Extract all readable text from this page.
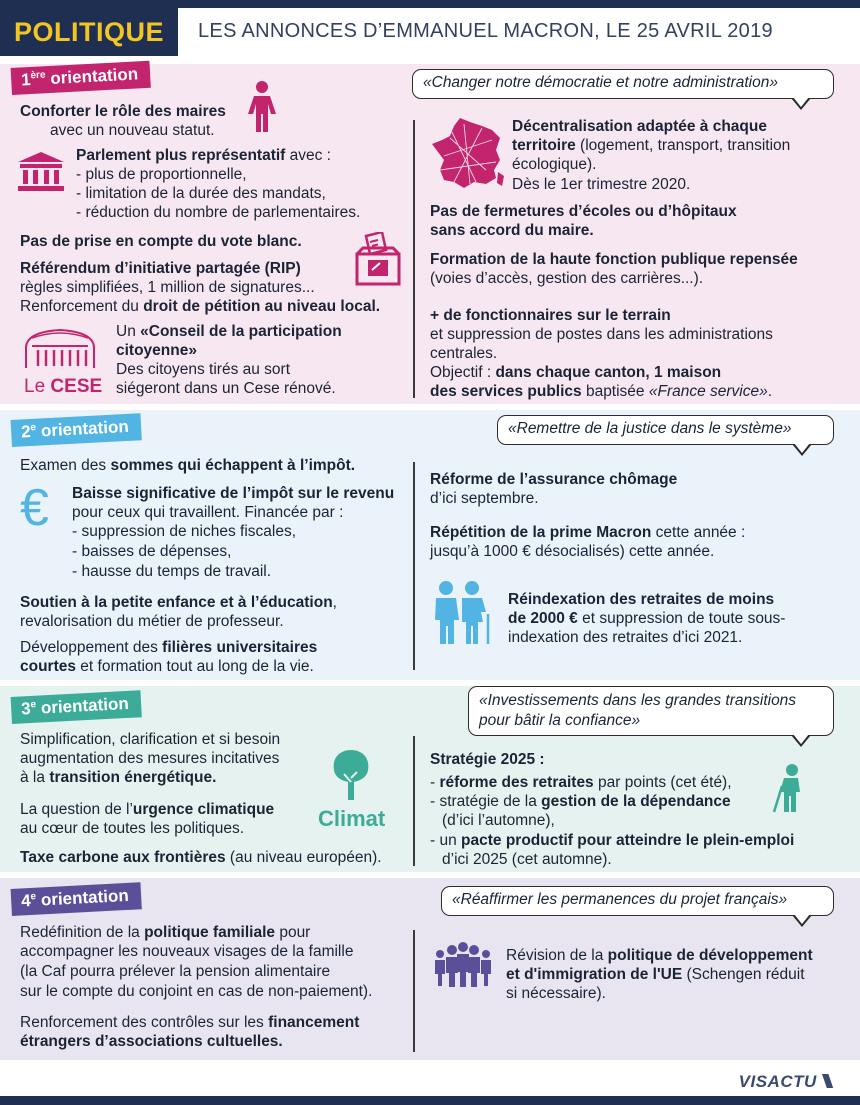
POLITIQUE	LES ANNONCES D’EMMANUEL MACRON, LE 25 AVRIL 2019
1ère orientation	«Changer notre démocratie et notre administration»
Conforter le rôle des maires
avec un nouveau statut.
Parlement plus représentatif avec :
- plus de proportionnelle,
- limitation de la durée des mandats,
- réduction du nombre de parlementaires.
Pas de prise en compte du vote blanc.
Référendum d’initiative partagée (RIP)
règles simplifiées, 1 million de signatures...
Renforcement du droit de pétition au niveau local.
Le CESE
Un «Conseil de la participation
citoyenne»
Des citoyens tirés au sort
siégeront dans un Cese rénové.
Décentralisation adaptée à chaque
territoire (logement, transport, transition
écologique).
Dès le 1er trimestre 2020.
Pas de fermetures d’écoles ou d’hôpitaux
sans accord du maire.
Formation de la haute fonction publique repensée
(voies d’accès, gestion des carrières...).
+ de fonctionnaires sur le terrain
et suppression de postes dans les administrations
centrales.
Objectif : dans chaque canton, 1 maison
des services publics baptisée «France service».
2e orientation	«Remettre de la justice dans le système»
Examen des sommes qui échappent à l’impôt.
€ Baisse significative de l’impôt sur le revenu
pour ceux qui travaillent. Financée par :
- suppression de niches fiscales,
- baisses de dépenses,
- hausse du temps de travail.
Soutien à la petite enfance et à l’éducation,
revalorisation du métier de professeur.
Développement des filières universitaires
courtes et formation tout au long de la vie.
Réforme de l’assurance chômage
d’ici septembre.
Répétition de la prime Macron cette année :
jusqu’à 1000 € désocialisés) cette année.
Réindexation des retraites de moins
de 2000 € et suppression de toute sous-
indexation des retraites d’ici 2021.
3e orientation	«Investissements dans les grandes transitions
pour bâtir la confiance»
Simplification, clarification et si besoin
augmentation des mesures incitatives
à la transition énergétique.
La question de l’urgence climatique
au cœur de toutes les politiques.
Taxe carbone aux frontières (au niveau européen).
Climat
Stratégie 2025 :
- réforme des retraites par points (cet été),
- stratégie de la gestion de la dépendance
(d’ici l’automne),
- un pacte productif pour atteindre le plein-emploi
d’ici 2025 (cet automne).
4e orientation	«Réaffirmer les permanences du projet français»
Redéfinition de la politique familiale pour
accompagner les nouveaux visages de la famille
(la Caf pourra prélever la pension alimentaire
sur le compte du conjoint en cas de non-paiement).
Renforcement des contrôles sur les financement
étrangers d’associations cultuelles.
Révision de la politique de développement
et d'immigration de l'UE (Schengen réduit
si nécessaire).
VISACTU
